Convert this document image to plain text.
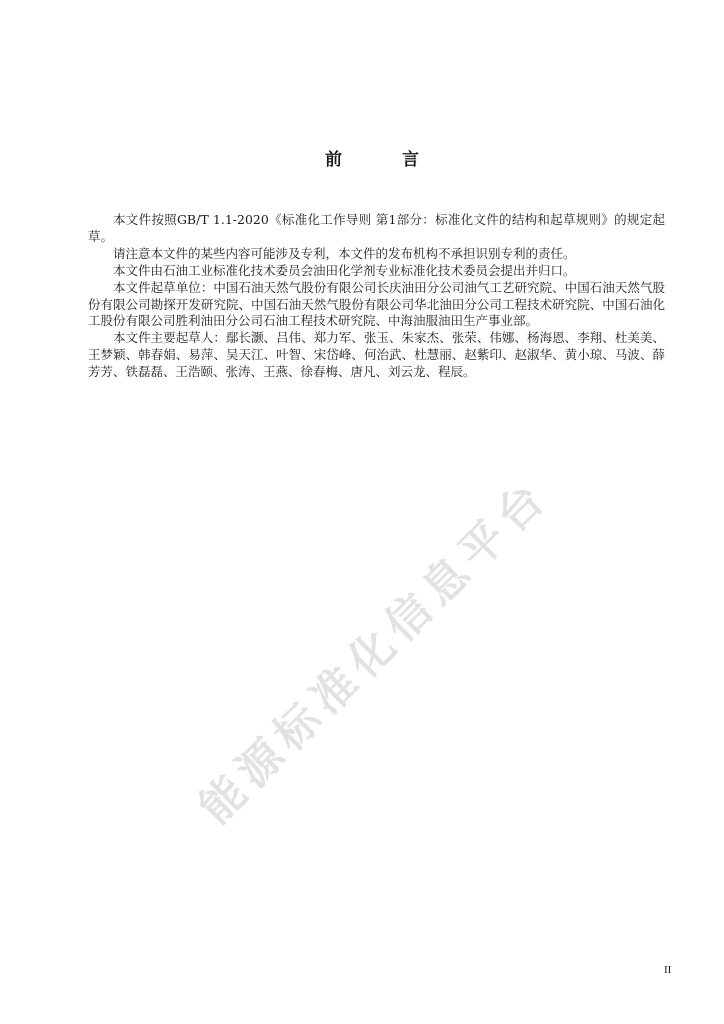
前言

本文件按照GB/T 1.1-2020《标准化工作导则 第1部分：标准化文件的结构和起草规则》的规定起草。

请注意本文件的某些内容可能涉及专利，本文件的发布机构不承担识别专利的责任。

本文件由石油工业标准化技术委员会油田化学剂专业标准化技术委员会提出并归口。

本文件起草单位：中国石油天然气股份有限公司长庆油田分公司油气工艺研究院、中国石油天然气股份有限公司勘探开发研究院、中国石油天然气股份有限公司华北油田分公司工程技术研究院、中国石油化工股份有限公司胜利油田分公司石油工程技术研究院、中海油服油田生产事业部。

本文件主要起草人：鄢长灏、吕伟、郑力军、张玉、朱家杰、张荣、伟娜、杨海恩、李翔、杜美美、王梦颖、韩春娟、易萍、吴天江、叶智、宋岱峰、何治武、杜慧丽、赵紫印、赵淑华、黄小琼、马波、薛芳芳、铁磊磊、王浩颐、张涛、王燕、徐春梅、唐凡、刘云龙、程辰。

能源标准化信息平台
II
